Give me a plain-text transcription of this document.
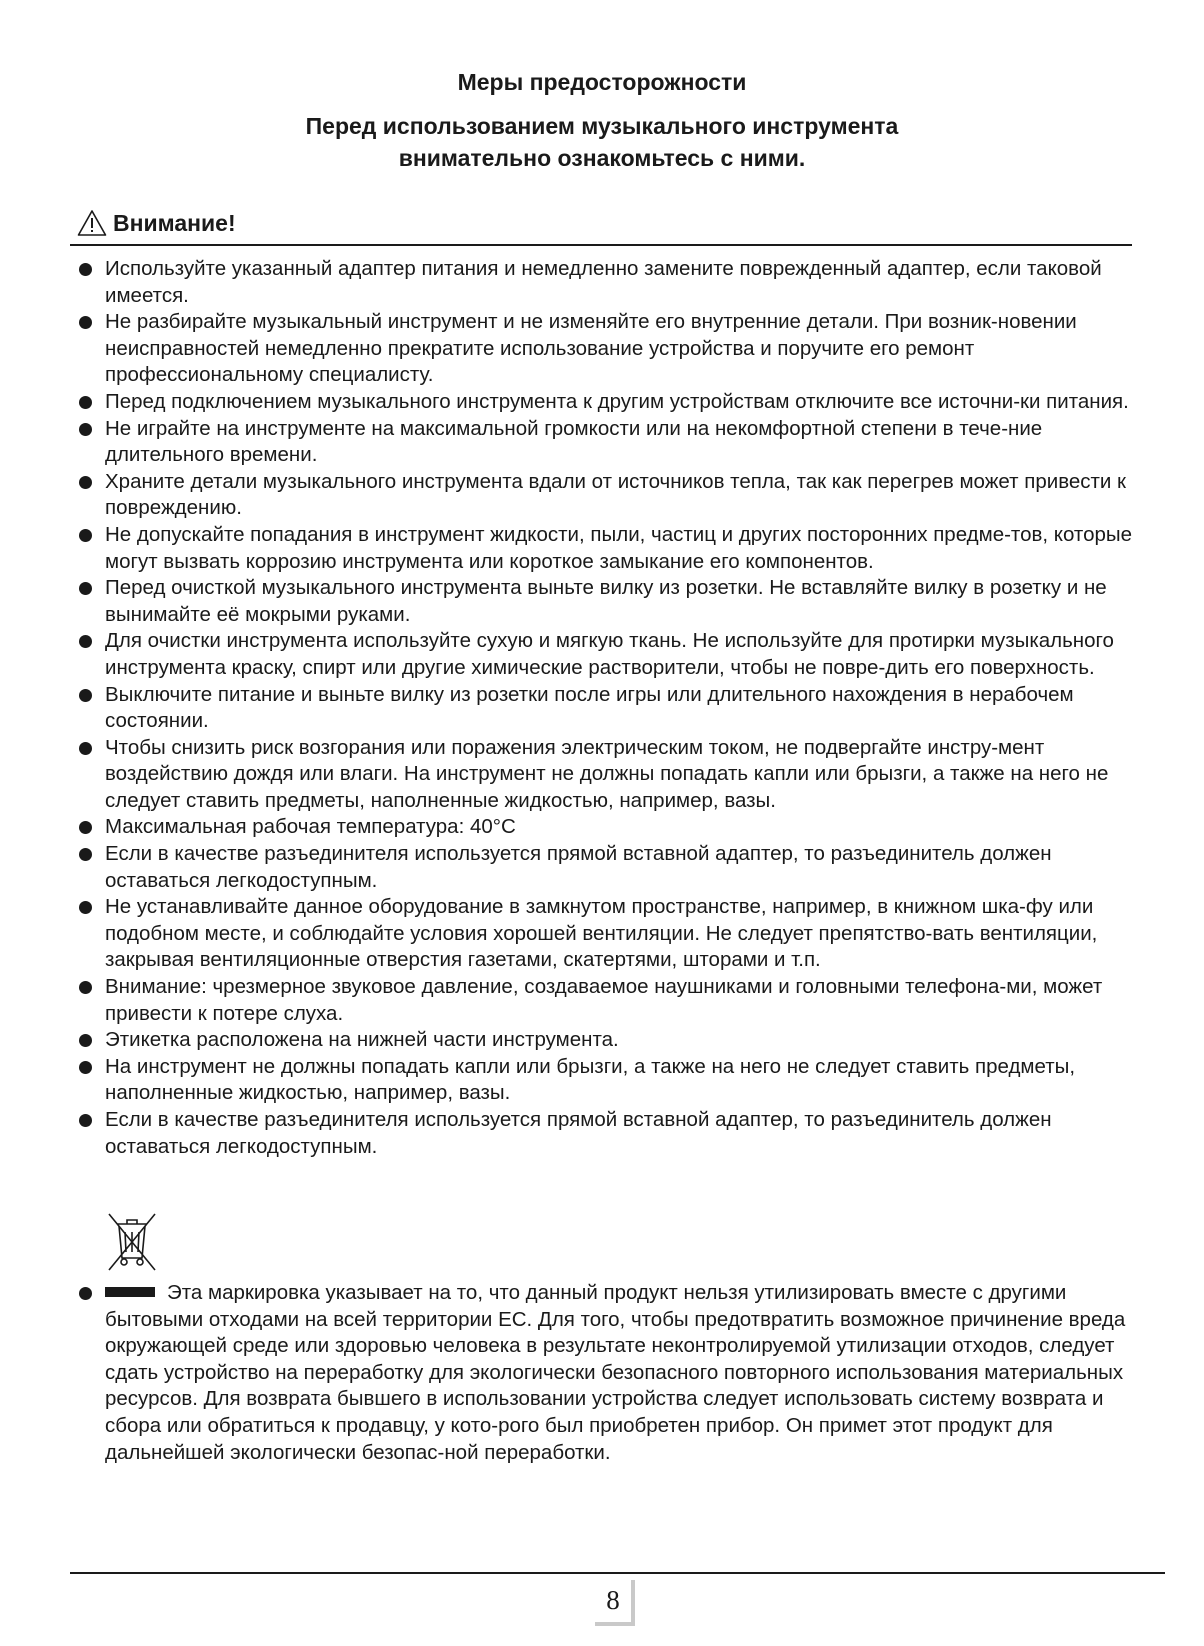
Меры предосторожности
Перед использованием музыкального инструмента
внимательно ознакомьтесь с ними.
Внимание!
Используйте указанный адаптер питания и немедленно замените поврежденный адаптер, если таковой имеется.
Не разбирайте музыкальный инструмент и не изменяйте его внутренние детали. При возник-новении неисправностей немедленно прекратите использование устройства и поручите его ремонт профессиональному специалисту.
Перед подключением музыкального инструмента к другим устройствам отключите все источни-ки питания.
Не играйте на инструменте на максимальной громкости или на некомфортной степени в тече-ние длительного времени.
Храните детали музыкального инструмента вдали от источников тепла, так как перегрев может привести к повреждению.
Не допускайте попадания в инструмент жидкости, пыли, частиц и других посторонних предме-тов, которые могут вызвать коррозию инструмента или короткое замыкание его компонентов.
Перед очисткой музыкального инструмента выньте вилку из розетки. Не вставляйте вилку в розетку и не вынимайте её мокрыми руками.
Для очистки инструмента используйте сухую и мягкую ткань. Не используйте для протирки музыкального инструмента краску, спирт или другие химические растворители, чтобы не повре-дить его поверхность.
Выключите питание и выньте вилку из розетки после игры или длительного нахождения в нерабочем состоянии.
Чтобы снизить риск возгорания или поражения электрическим током, не подвергайте инстру-мент воздействию дождя или влаги. На инструмент не должны попадать капли или брызги, а также на него не следует ставить предметы, наполненные жидкостью, например, вазы.
Максимальная рабочая температура: 40°C
Если в качестве разъединителя используется прямой вставной адаптер, то разъединитель должен оставаться легкодоступным.
Не устанавливайте данное оборудование в замкнутом пространстве, например, в книжном шка-фу или подобном месте, и соблюдайте условия хорошей вентиляции. Не следует препятство-вать вентиляции, закрывая вентиляционные отверстия газетами, скатертями, шторами и т.п.
Внимание: чрезмерное звуковое давление, создаваемое наушниками и головными телефона-ми, может привести к потере слуха.
Этикетка расположена на нижней части инструмента.
На инструмент не должны попадать капли или брызги, а также на него не следует ставить предметы, наполненные жидкостью, например, вазы.
Если в качестве разъединителя используется прямой вставной адаптер, то разъединитель должен оставаться легкодоступным.
Эта маркировка указывает на то, что данный продукт нельзя утилизировать вместе с другими бытовыми отходами на всей территории ЕС. Для того, чтобы предотвратить возможное причинение вреда окружающей среде или здоровью человека в результате неконтролируемой утилизации отходов, следует сдать устройство на переработку для экологически безопасного повторного использования материальных ресурсов. Для возврата бывшего в использовании устройства следует использовать систему возврата и сбора или обратиться к продавцу, у кото-рого был приобретен прибор. Он примет этот продукт для дальнейшей экологически безопас-ной переработки.
8
